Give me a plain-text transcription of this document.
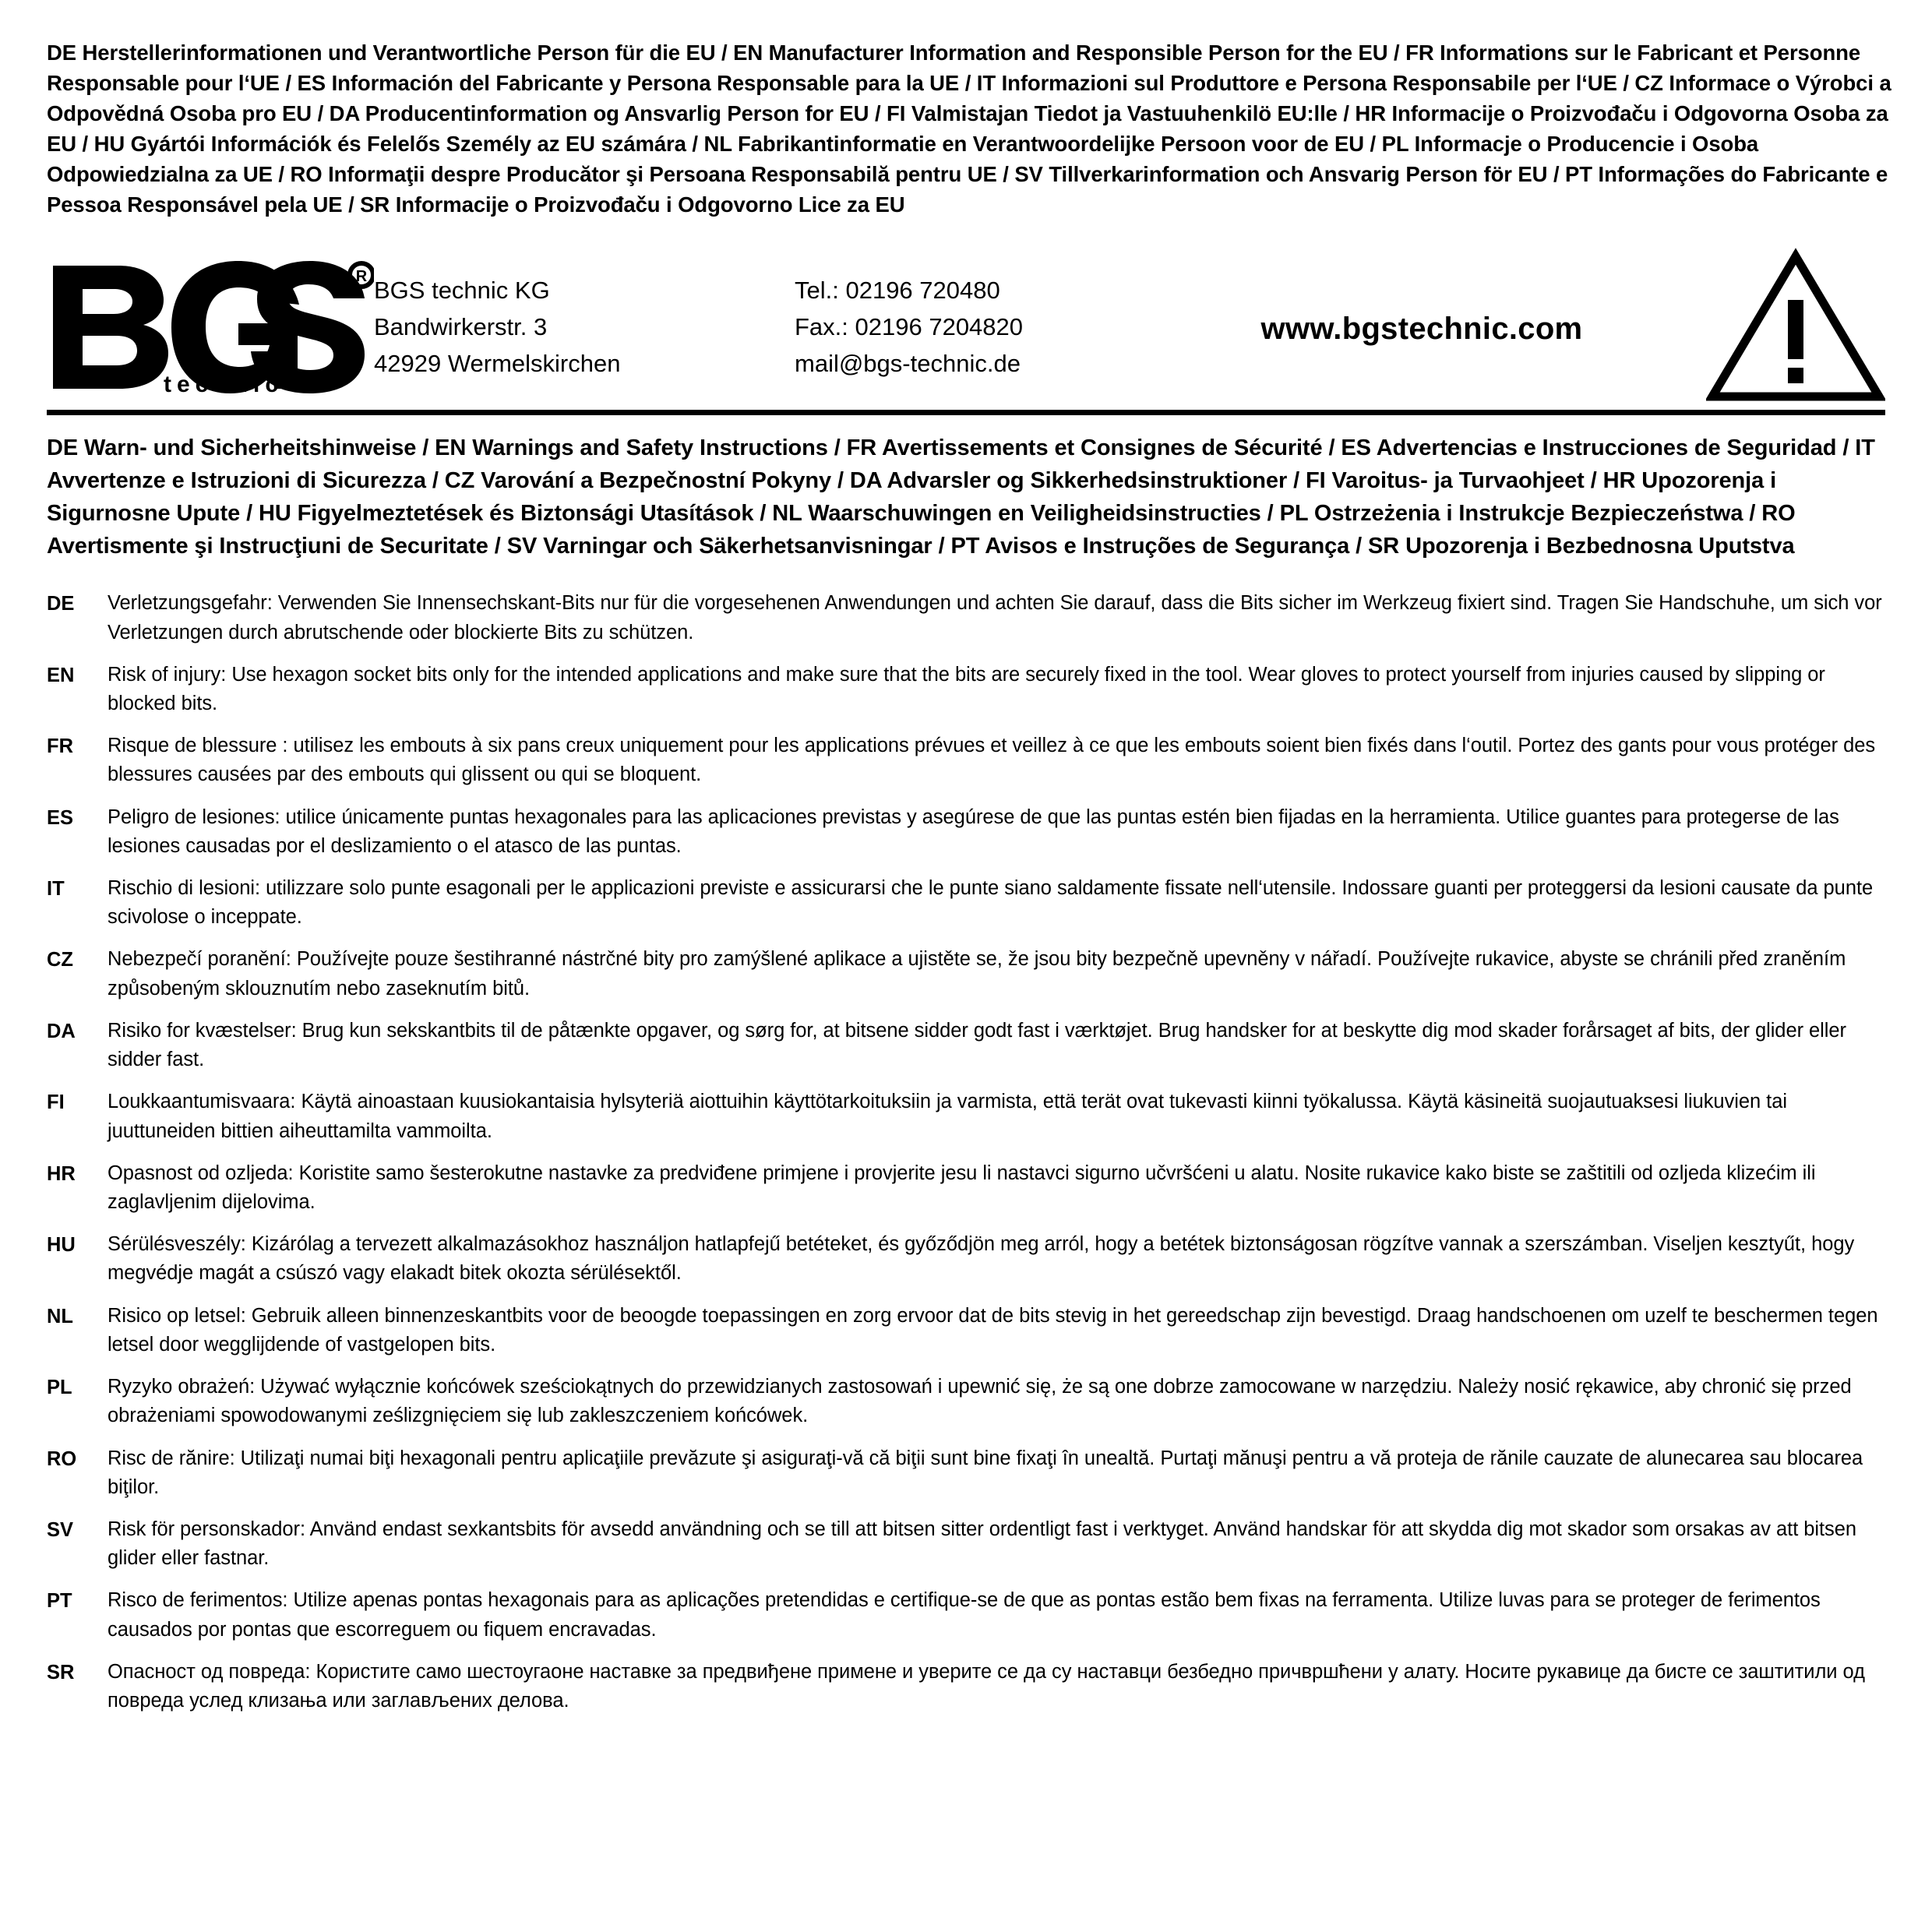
DE Herstellerinformationen und Verantwortliche Person für die EU / EN Manufacturer Information and Responsible Person for the EU / FR Informations sur le Fabricant et Personne Responsable pour l‘UE / ES Información del Fabricante y Persona Responsable para la UE / IT Informazioni sul Produttore e Persona Responsabile per l‘UE / CZ Informace o Výrobci a Odpovědná Osoba pro EU / DA Producentinformation og Ansvarlig Person for EU / FI Valmistajan Tiedot ja Vastuuhenkilö EU:lle / HR Informacije o Proizvođaču i Odgovorna Osoba za EU / HU Gyártói Információk és Felelős Személy az EU számára / NL Fabrikantinformatie en Verantwoordelijke Persoon voor de EU / PL Informacje o Producencie i Osoba Odpowiedzialna za UE / RO Informaţii despre Producător şi Persoana Responsabilă pentru UE / SV Tillverkarinformation och Ansvarig Person för EU / PT Informações do Fabricante e Pessoa Responsável pela UE / SR Informacije o Proizvođaču i Odgovorno Lice za EU
R
technic
BGS technic KG
Bandwirkerstr. 3
42929 Wermelskirchen
Tel.: 02196 720480
Fax.: 02196 7204820
mail@bgs-technic.de
www.bgstechnic.com
DE Warn- und Sicherheitshinweise / EN Warnings and Safety Instructions / FR Avertissements et Consignes de Sécurité / ES Advertencias e Instrucciones de Seguridad / IT Avvertenze e Istruzioni di Sicurezza / CZ Varování a Bezpečnostní Pokyny / DA Advarsler og Sikkerhedsinstruktioner / FI Varoitus- ja Turvaohjeet / HR Upozorenja i Sigurnosne Upute / HU Figyelmeztetések és Biztonsági Utasítások / NL Waarschuwingen en Veiligheidsinstructies / PL Ostrzeżenia i Instrukcje Bezpieczeństwa / RO Avertismente şi Instrucţiuni de Securitate / SV Varningar och Säkerhetsanvisningar / PT Avisos e Instruções de Segurança / SR Upozorenja i Bezbednosna Uputstva
DE	Verletzungsgefahr: Verwenden Sie Innensechskant-Bits nur für die vorgesehenen Anwendungen und achten Sie darauf, dass die Bits sicher im Werkzeug fixiert sind. Tragen Sie Handschuhe, um sich vor Verletzungen durch abrutschende oder blockierte Bits zu schützen.
EN	Risk of injury: Use hexagon socket bits only for the intended applications and make sure that the bits are securely fixed in the tool. Wear gloves to protect yourself from injuries caused by slipping or blocked bits.
FR	Risque de blessure : utilisez les embouts à six pans creux uniquement pour les applications prévues et veillez à ce que les embouts soient bien fixés dans l‘outil. Portez des gants pour vous protéger des blessures causées par des embouts qui glissent ou qui se bloquent.
ES	Peligro de lesiones: utilice únicamente puntas hexagonales para las aplicaciones previstas y asegúrese de que las puntas estén bien fijadas en la herramienta. Utilice guantes para protegerse de las lesiones causadas por el deslizamiento o el atasco de las puntas.
IT	Rischio di lesioni: utilizzare solo punte esagonali per le applicazioni previste e assicurarsi che le punte siano saldamente fissate nell‘utensile. Indossare guanti per proteggersi da lesioni causate da punte scivolose o inceppate.
CZ	Nebezpečí poranění: Používejte pouze šestihranné nástrčné bity pro zamýšlené aplikace a ujistěte se, že jsou bity bezpečně upevněny v nářadí. Používejte rukavice, abyste se chránili před zraněním způsobeným sklouznutím nebo zaseknutím bitů.
DA	Risiko for kvæstelser: Brug kun sekskantbits til de påtænkte opgaver, og sørg for, at bitsene sidder godt fast i værktøjet. Brug handsker for at beskytte dig mod skader forårsaget af bits, der glider eller sidder fast.
FI	Loukkaantumisvaara: Käytä ainoastaan kuusiokantaisia hylsyteriä aiottuihin käyttötarkoituksiin ja varmista, että terät ovat tukevasti kiinni työkalussa. Käytä käsineitä suojautuaksesi liukuvien tai juuttuneiden bittien aiheuttamilta vammoilta.
HR	Opasnost od ozljeda: Koristite samo šesterokutne nastavke za predviđene primjene i provjerite jesu li nastavci sigurno učvršćeni u alatu. Nosite rukavice kako biste se zaštitili od ozljeda klizećim ili zaglavljenim dijelovima.
HU	Sérülésveszély: Kizárólag a tervezett alkalmazásokhoz használjon hatlapfejű betéteket, és győződjön meg arról, hogy a betétek biztonságosan rögzítve vannak a szerszámban. Viseljen kesztyűt, hogy megvédje magát a csúszó vagy elakadt bitek okozta sérülésektől.
NL	Risico op letsel: Gebruik alleen binnenzeskantbits voor de beoogde toepassingen en zorg ervoor dat de bits stevig in het gereedschap zijn bevestigd. Draag handschoenen om uzelf te beschermen tegen letsel door wegglijdende of vastgelopen bits.
PL	Ryzyko obrażeń: Używać wyłącznie końcówek sześciokątnych do przewidzianych zastosowań i upewnić się, że są one dobrze zamocowane w narzędziu. Należy nosić rękawice, aby chronić się przed obrażeniami spowodowanymi ześlizgnięciem się lub zakleszczeniem końcówek.
RO	Risc de rănire: Utilizaţi numai biţi hexagonali pentru aplicaţiile prevăzute şi asiguraţi-vă că biţii sunt bine fixaţi în unealtă. Purtaţi mănuşi pentru a vă proteja de rănile cauzate de alunecarea sau blocarea biţilor.
SV	Risk för personskador: Använd endast sexkantsbits för avsedd användning och se till att bitsen sitter ordentligt fast i verktyget. Använd handskar för att skydda dig mot skador som orsakas av att bitsen glider eller fastnar.
PT	Risco de ferimentos: Utilize apenas pontas hexagonais para as aplicações pretendidas e certifique-se de que as pontas estão bem fixas na ferramenta. Utilize luvas para se proteger de ferimentos causados por pontas que escorreguem ou fiquem encravadas.
SR	Опасност од повреда: Користите само шестоугаоне наставке за предвиђене примене и уверите се да су наставци безбедно причвршћени у алату. Носите рукавице да бисте се заштитили од повреда услед клизања или заглављених делова.
